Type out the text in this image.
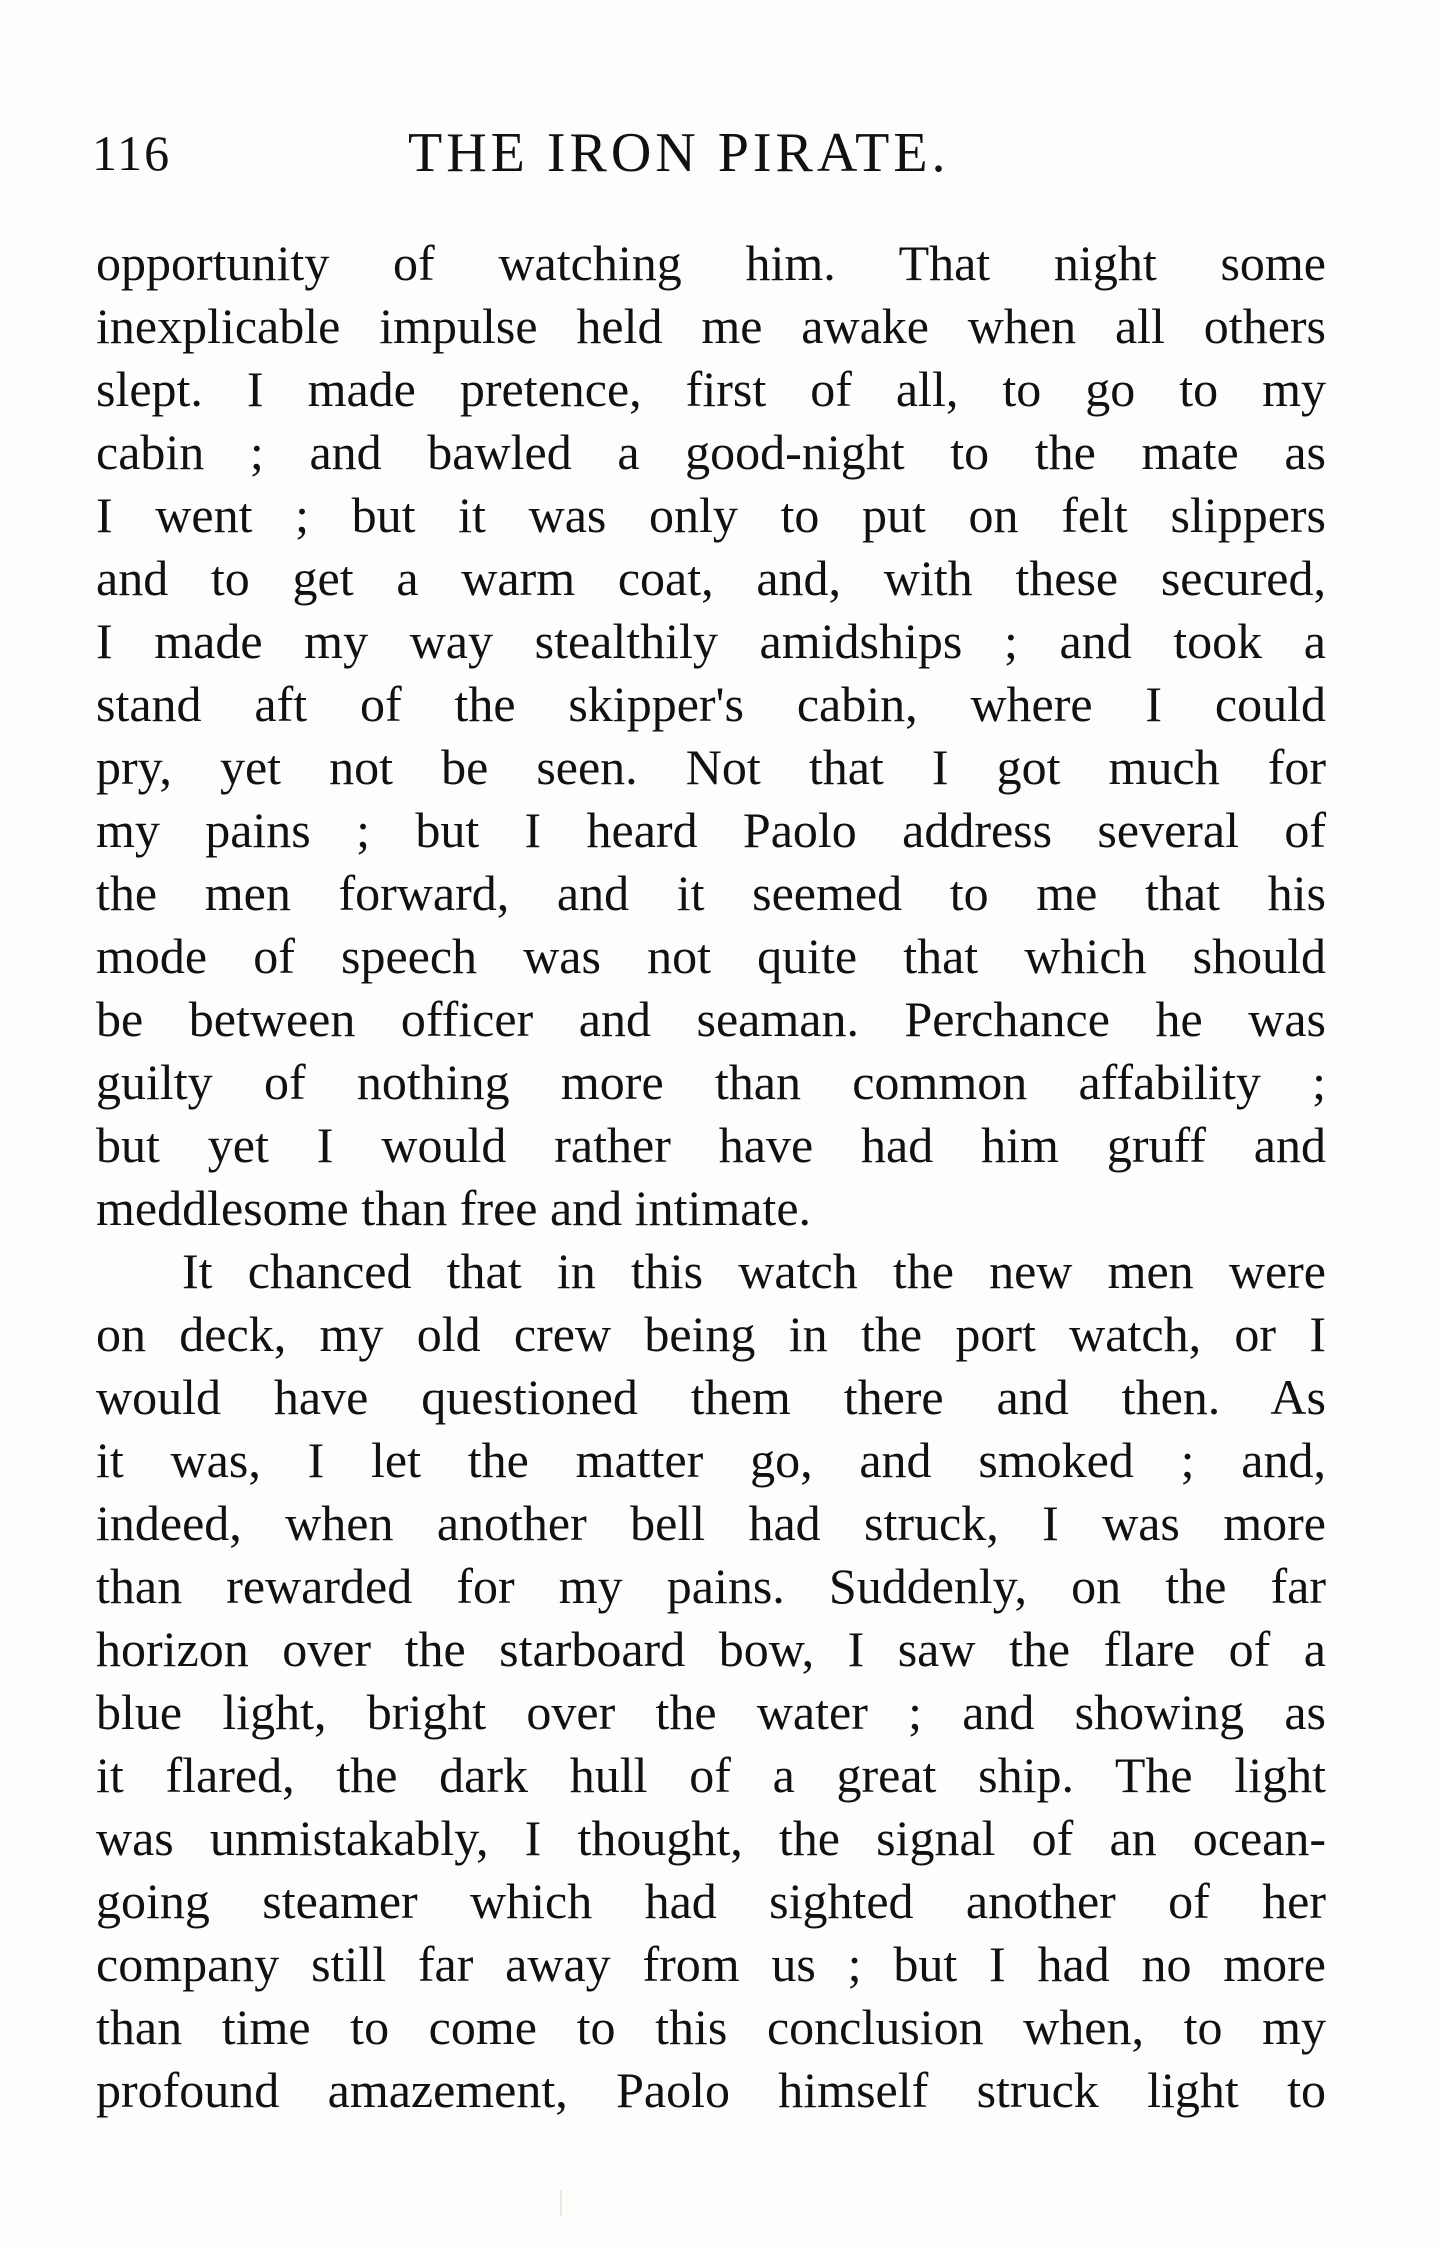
116	THE IRON PIRATE.
opportunity of watching him. That night some
inexplicable impulse held me awake when all others
slept. I made pretence, first of all, to go to my
cabin ; and bawled a good-night to the mate as
I went ; but it was only to put on felt slippers
and to get a warm coat, and, with these secured,
I made my way stealthily amidships ; and took a
stand aft of the skipper's cabin, where I could
pry, yet not be seen. Not that I got much for
my pains ; but I heard Paolo address several of
the men forward, and it seemed to me that his
mode of speech was not quite that which should
be between officer and seaman. Perchance he was
guilty of nothing more than common affability ;
but yet I would rather have had him gruff and
meddlesome than free and intimate.
It chanced that in this watch the new men were
on deck, my old crew being in the port watch, or I
would have questioned them there and then. As
it was, I let the matter go, and smoked ; and,
indeed, when another bell had struck, I was more
than rewarded for my pains. Suddenly, on the far
horizon over the starboard bow, I saw the flare of a
blue light, bright over the water ; and showing as
it flared, the dark hull of a great ship. The light
was unmistakably, I thought, the signal of an ocean-
going steamer which had sighted another of her
company still far away from us ; but I had no more
than time to come to this conclusion when, to my
profound amazement, Paolo himself struck light to
